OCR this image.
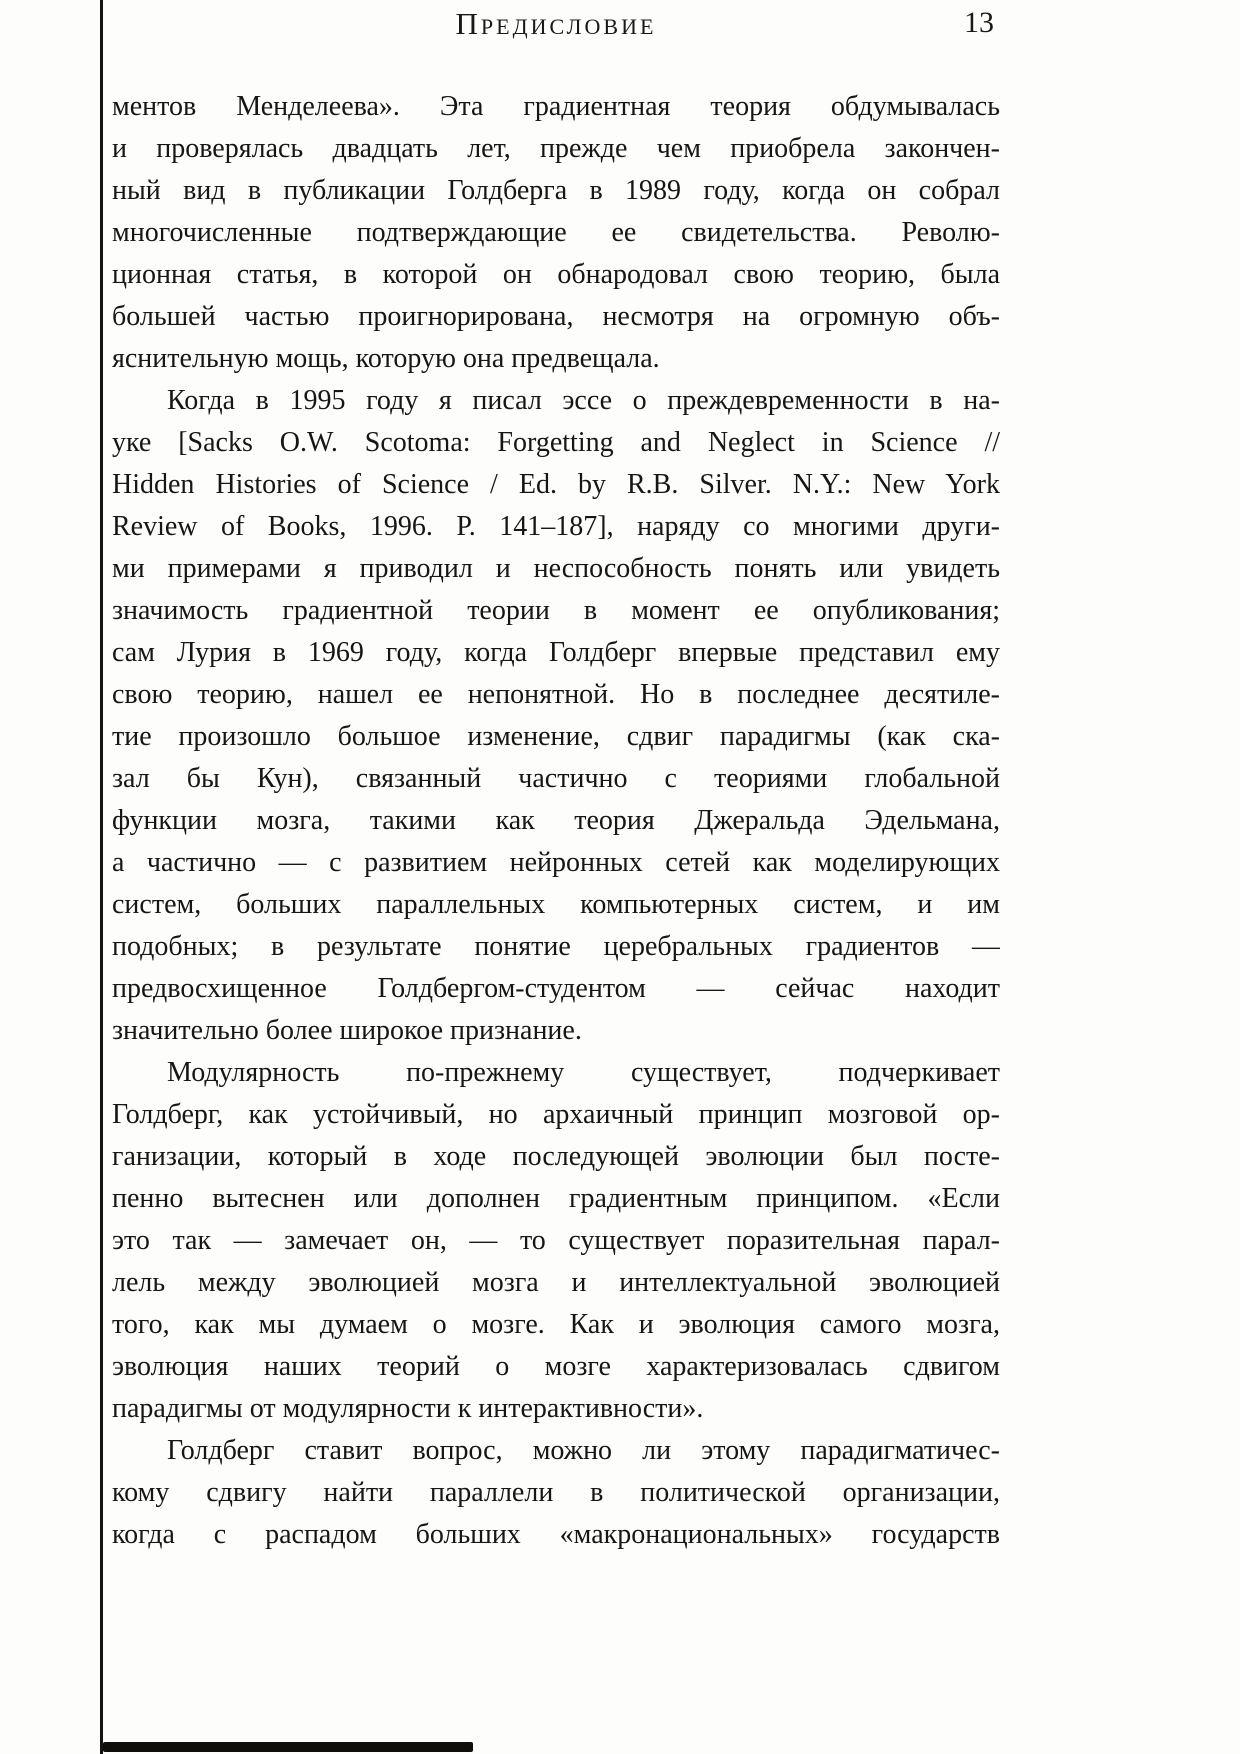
Предисловие	13

ментов Менделеева». Эта градиентная теория обдумывалась
и проверялась двадцать лет, прежде чем приобрела закончен-
ный вид в публикации Голдберга в 1989 году, когда он собрал
многочисленные подтверждающие ее свидетельства. Револю-
ционная статья, в которой он обнародовал свою теорию, была
большей частью проигнорирована, несмотря на огромную объ-
яснительную мощь, которую она предвещала.

Когда в 1995 году я писал эссе о преждевременности в на-
уке [Sacks O.W. Scotoma: Forgetting and Neglect in Science //
Hidden Histories of Science / Ed. by R.B. Silver. N.Y.: New York
Review of Books, 1996. P. 141–187], наряду со многими други-
ми примерами я приводил и неспособность понять или увидеть
значимость градиентной теории в момент ее опубликования;
сам Лурия в 1969 году, когда Голдберг впервые представил ему
свою теорию, нашел ее непонятной. Но в последнее десятиле-
тие произошло большое изменение, сдвиг парадигмы (как ска-
зал бы Кун), связанный частично с теориями глобальной
функции мозга, такими как теория Джеральда Эдельмана,
а частично — с развитием нейронных сетей как моделирующих
систем, больших параллельных компьютерных систем, и им
подобных; в результате понятие церебральных градиентов —
предвосхищенное Голдбергом-студентом — сейчас находит
значительно более широкое признание.

Модулярность по-прежнему существует, подчеркивает
Голдберг, как устойчивый, но архаичный принцип мозговой ор-
ганизации, который в ходе последующей эволюции был посте-
пенно вытеснен или дополнен градиентным принципом. «Если
это так — замечает он, — то существует поразительная парал-
лель между эволюцией мозга и интеллектуальной эволюцией
того, как мы думаем о мозге. Как и эволюция самого мозга,
эволюция наших теорий о мозге характеризовалась сдвигом
парадигмы от модулярности к интерактивности».

Голдберг ставит вопрос, можно ли этому парадигматичес-
кому сдвигу найти параллели в политической организации,
когда с распадом больших «макронациональных» государств
